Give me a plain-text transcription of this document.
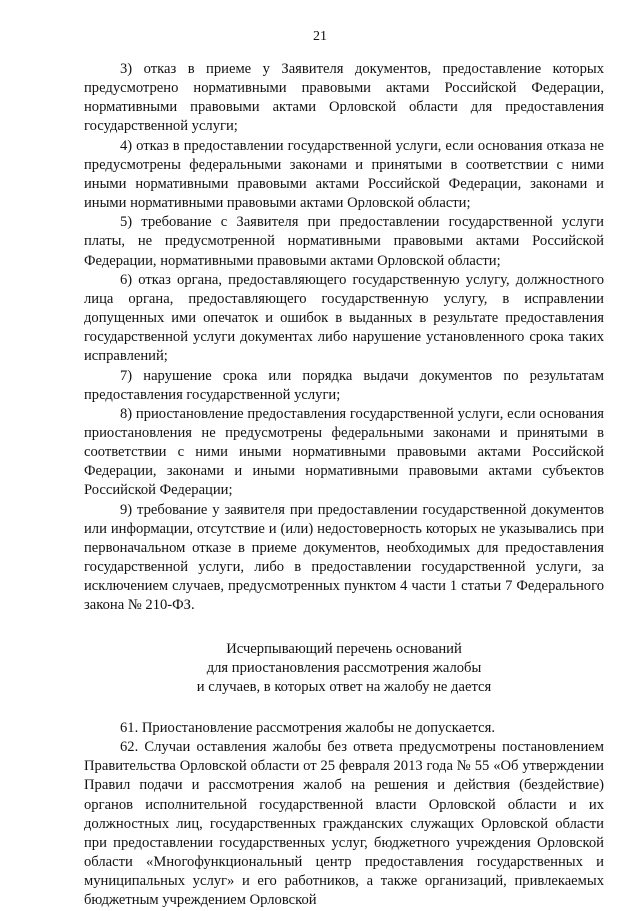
21

3) отказ в приеме у Заявителя документов, предоставление которых предусмотрено нормативными правовыми актами Российской Федерации, нормативными правовыми актами Орловской области для предоставления государственной услуги;

4) отказ в предоставлении государственной услуги, если основания отказа не предусмотрены федеральными законами и принятыми в соответствии с ними иными нормативными правовыми актами Российской Федерации, законами и иными нормативными правовыми актами Орловской области;

5) требование с Заявителя при предоставлении государственной услуги платы, не предусмотренной нормативными правовыми актами Российской Федерации, нормативными правовыми актами Орловской области;

6) отказ органа, предоставляющего государственную услугу, должностного лица органа, предоставляющего государственную услугу, в исправлении допущенных ими опечаток и ошибок в выданных в результате предоставления государственной услуги документах либо нарушение установленного срока таких исправлений;

7) нарушение срока или порядка выдачи документов по результатам предоставления государственной услуги;

8) приостановление предоставления государственной услуги, если основания приостановления не предусмотрены федеральными законами и принятыми в соответствии с ними иными нормативными правовыми актами Российской Федерации, законами и иными нормативными правовыми актами субъектов Российской Федерации;

9) требование у заявителя при предоставлении государственной документов или информации, отсутствие и (или) недостоверность которых не указывались при первоначальном отказе в приеме документов, необходимых для предоставления государственной услуги, либо в предоставлении государственной услуги, за исключением случаев, предусмотренных пунктом 4 части 1 статьи 7 Федерального закона № 210-ФЗ.

Исчерпывающий перечень оснований
для приостановления рассмотрения жалобы
и случаев, в которых ответ на жалобу не дается

61. Приостановление рассмотрения жалобы не допускается.

62. Случаи оставления жалобы без ответа предусмотрены постановлением Правительства Орловской области от 25 февраля 2013 года № 55 «Об утверждении Правил подачи и рассмотрения жалоб на решения и действия (бездействие) органов исполнительной государственной власти Орловской области и их должностных лиц, государственных гражданских служащих Орловской области при предоставлении государственных услуг, бюджетного учреждения Орловской области «Многофункциональный центр предоставления государственных и муниципальных услуг» и его работников, а также организаций, привлекаемых бюджетным учреждением Орловской
